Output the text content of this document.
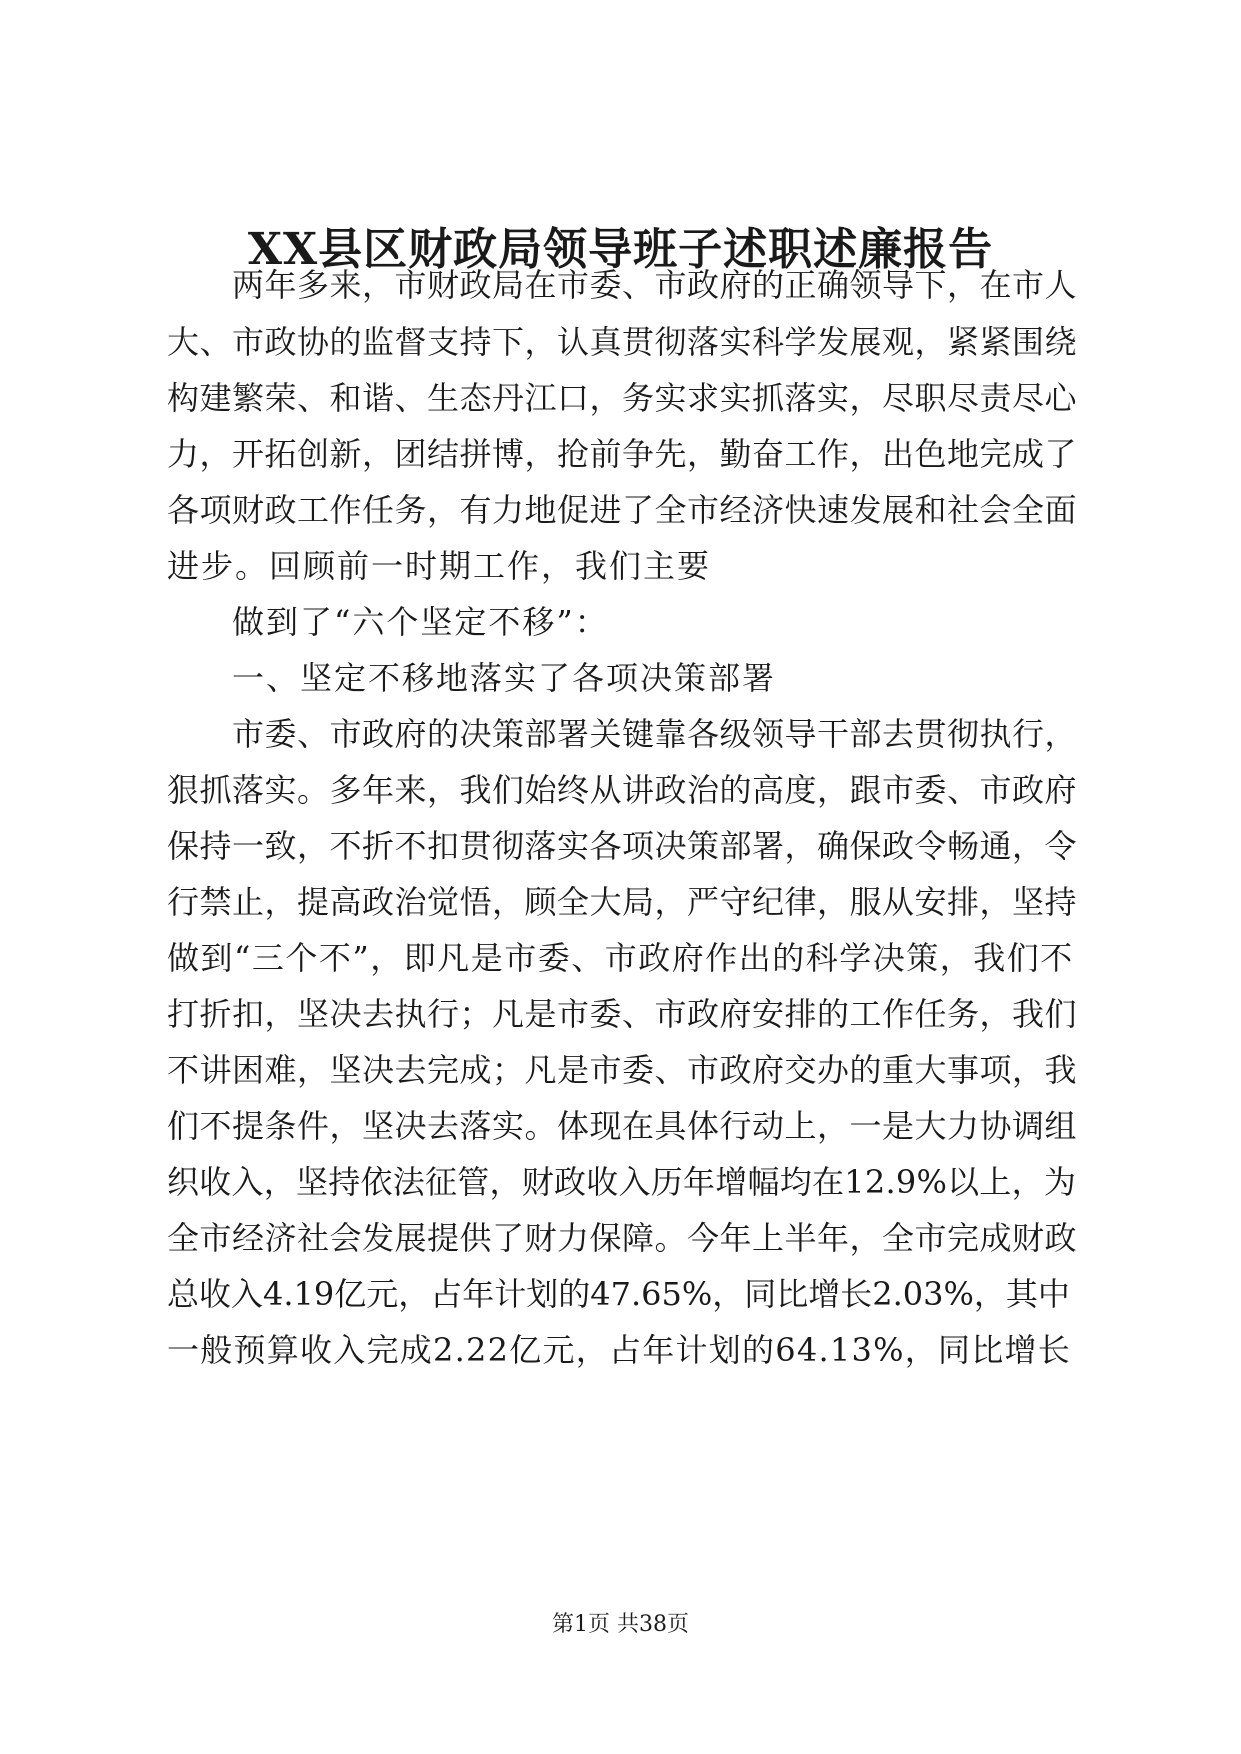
XX县区财政局领导班子述职述廉报告
两年多来，市财政局在市委、市政府的正确领导下，在市人
大、市政协的监督支持下，认真贯彻落实科学发展观，紧紧围绕
构建繁荣、和谐、生态丹江口，务实求实抓落实，尽职尽责尽心
力，开拓创新，团结拼博，抢前争先，勤奋工作，出色地完成了
各项财政工作任务，有力地促进了全市经济快速发展和社会全面
进步。回顾前一时期工作，我们主要
做到了“六个坚定不移”：
一、坚定不移地落实了各项决策部署
市委、市政府的决策部署关键靠各级领导干部去贯彻执行，
狠抓落实。多年来，我们始终从讲政治的高度，跟市委、市政府
保持一致，不折不扣贯彻落实各项决策部署，确保政令畅通，令
行禁止，提高政治觉悟，顾全大局，严守纪律，服从安排，坚持
做到“三个不”，即凡是市委、市政府作出的科学决策，我们不
打折扣，坚决去执行；凡是市委、市政府安排的工作任务，我们
不讲困难，坚决去完成；凡是市委、市政府交办的重大事项，我
们不提条件，坚决去落实。体现在具体行动上，一是大力协调组
织收入，坚持依法征管，财政收入历年增幅均在12.9%以上，为
全市经济社会发展提供了财力保障。今年上半年，全市完成财政
总收入4.19亿元，占年计划的47.65%，同比增长2.03%，其中
一般预算收入完成2.22亿元，占年计划的64.13%，同比增长
第1页 共38页
